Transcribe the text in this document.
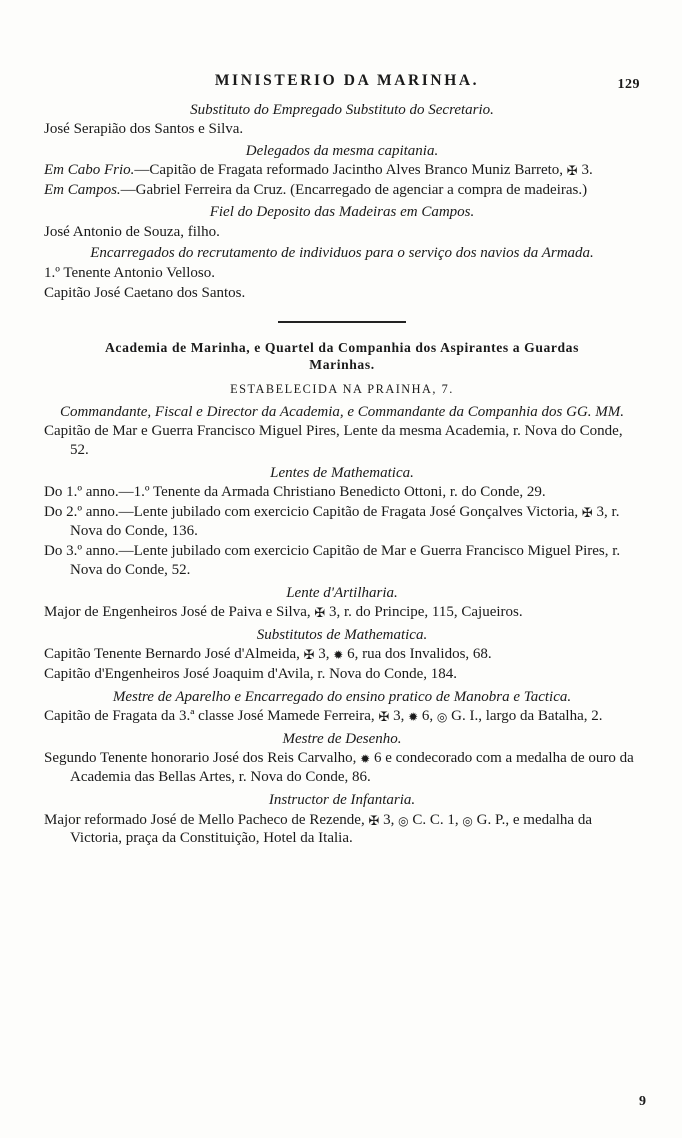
MINISTERIO DA MARINHA.	129
Substituto do Empregado Substituto do Secretario.
José Serapião dos Santos e Silva.
Delegados da mesma capitania.
Em Cabo Frio.—Capitão de Fragata reformado Jacintho Alves Branco Muniz Barreto, ✠ 3.
Em Campos.—Gabriel Ferreira da Cruz. (Encarregado de agenciar a compra de madeiras.)
Fiel do Deposito das Madeiras em Campos.
José Antonio de Souza, filho.
Encarregados do recrutamento de individuos para o serviço dos navios da Armada.
1.º Tenente Antonio Velloso.
Capitão José Caetano dos Santos.
Academia de Marinha, e Quartel da Companhia dos Aspirantes a Guardas Marinhas.
ESTABELECIDA NA PRAINHA, 7.
Commandante, Fiscal e Director da Academia, e Commandante da Companhia dos GG. MM.
Capitão de Mar e Guerra Francisco Miguel Pires, Lente da mesma Academia, r. Nova do Conde, 52.
Lentes de Mathematica.
Do 1.º anno.—1.º Tenente da Armada Christiano Benedicto Ottoni, r. do Conde, 29.
Do 2.º anno.—Lente jubilado com exercicio Capitão de Fragata José Gonçalves Victoria, ✠ 3, r. Nova do Conde, 136.
Do 3.º anno.—Lente jubilado com exercicio Capitão de Mar e Guerra Francisco Miguel Pires, r. Nova do Conde, 52.
Lente d'Artilharia.
Major de Engenheiros José de Paiva e Silva, ✠ 3, r. do Principe, 115, Cajueiros.
Substitutos de Mathematica.
Capitão Tenente Bernardo José d'Almeida, ✠ 3, ✹ 6, rua dos Invalidos, 68.
Capitão d'Engenheiros José Joaquim d'Avila, r. Nova do Conde, 184.
Mestre de Aparelho e Encarregado do ensino pratico de Manobra e Tactica.
Capitão de Fragata da 3.ª classe José Mamede Ferreira, ✠ 3, ✹ 6, ◎ G. I., largo da Batalha, 2.
Mestre de Desenho.
Segundo Tenente honorario José dos Reis Carvalho, ✹ 6 e condecorado com a medalha de ouro da Academia das Bellas Artes, r. Nova do Conde, 86.
Instructor de Infantaria.
Major reformado José de Mello Pacheco de Rezende, ✠ 3, ◎ C. C. 1, ◎ G. P., e medalha da Victoria, praça da Constituição, Hotel da Italia.
9
